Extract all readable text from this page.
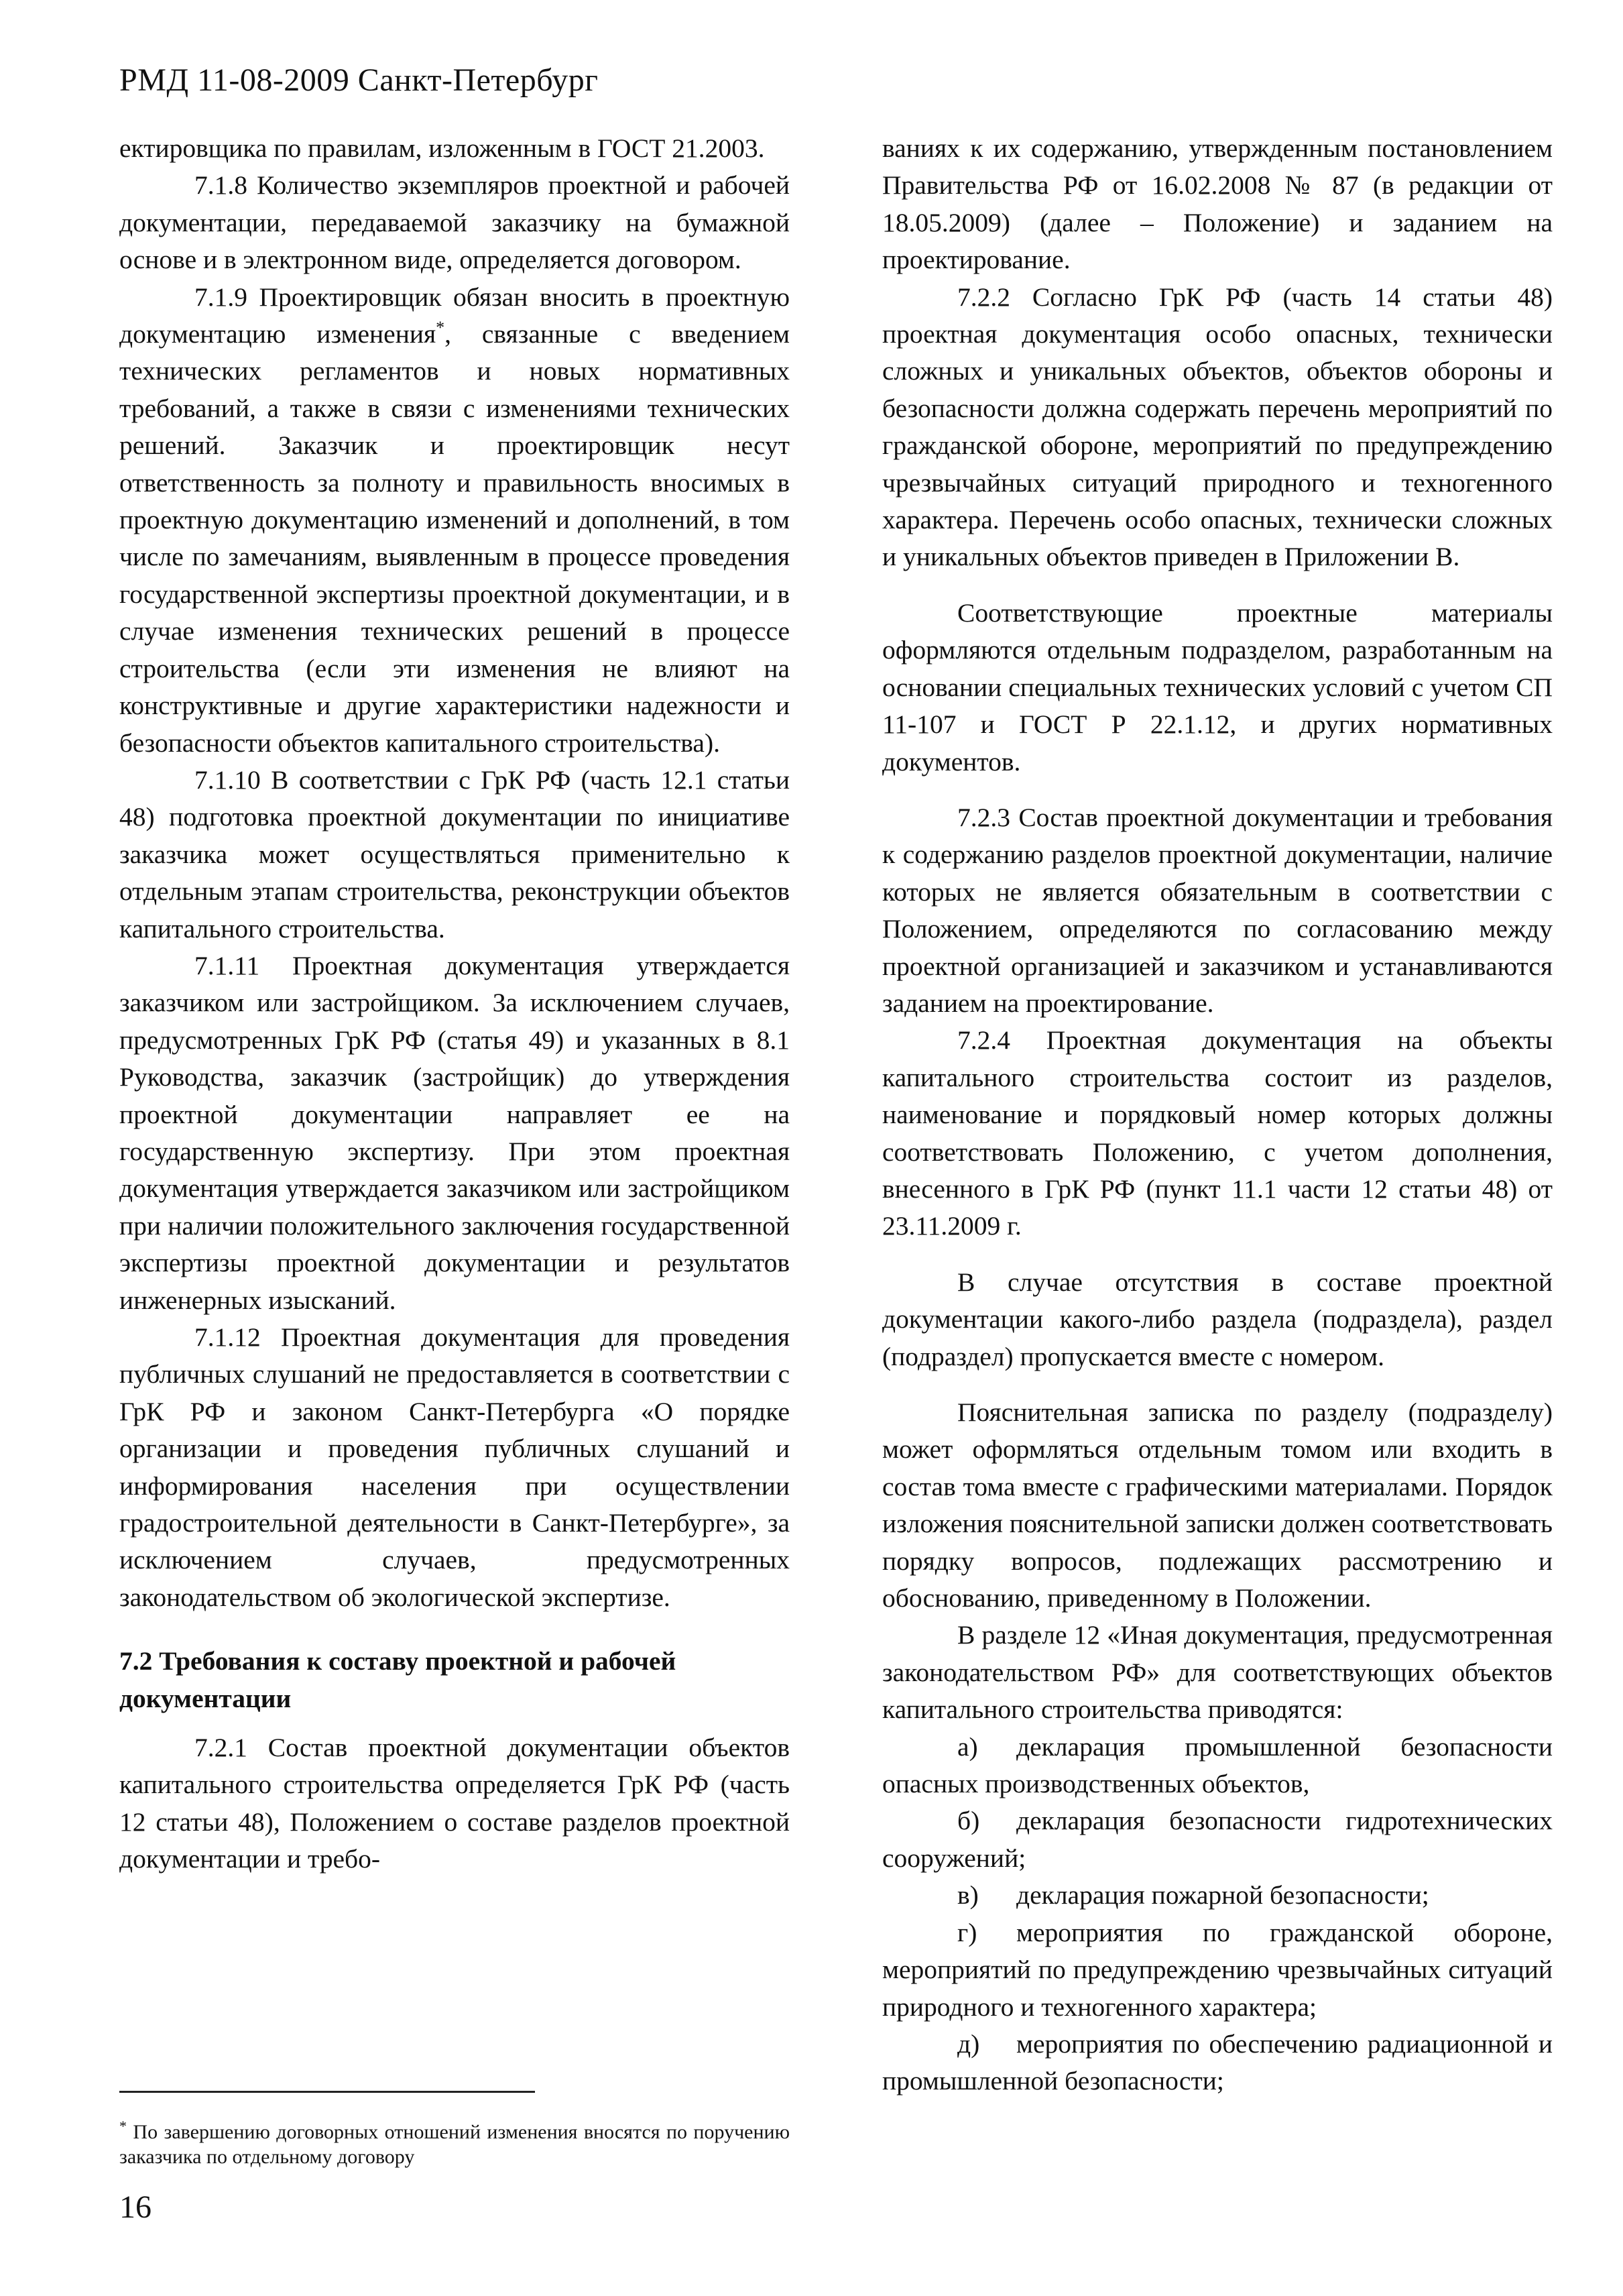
РМД 11-08-2009 Санкт-Петербург

ектировщика по правилам, изложенным в ГОСТ 21.2003.

7.1.8 Количество экземпляров проектной и рабочей документации, передаваемой заказчику на бумажной основе и в электронном виде, определяется договором.

7.1.9 Проектировщик обязан вносить в проектную документацию изменения*, связанные с введением технических регламентов и новых нормативных требований, а также в связи с изменениями технических решений. Заказчик и проектировщик несут ответственность за полноту и правильность вносимых в проектную документацию изменений и дополнений, в том числе по замечаниям, выявленным в процессе проведения государственной экспертизы проектной документации, и в случае изменения технических решений в процессе строительства (если эти изменения не влияют на конструктивные и другие характеристики надежности и безопасности объектов капитального строительства).

7.1.10 В соответствии с ГрК РФ (часть 12.1 статьи 48) подготовка проектной документации по инициативе заказчика может осуществляться применительно к отдельным этапам строительства, реконструкции объектов капитального строительства.

7.1.11 Проектная документация утверждается заказчиком или застройщиком. За исключением случаев, предусмотренных ГрК РФ (статья 49) и указанных в 8.1 Руководства, заказчик (застройщик) до утверждения проектной документации направляет ее на государственную экспертизу. При этом проектная документация утверждается заказчиком или застройщиком при наличии положительного заключения государственной экспертизы проектной документации и результатов инженерных изысканий.

7.1.12 Проектная документация для проведения публичных слушаний не предоставляется в соответствии с ГрК РФ и законом Санкт-Петербурга «О порядке организации и проведения публичных слушаний и информирования населения при осуществлении градостроительной деятельности в Санкт-Петербурге», за исключением случаев, предусмотренных законодательством об экологической экспертизе.

7.2 Требования к составу проектной и рабочей документации

7.2.1 Состав проектной документации объектов капитального строительства определяется ГрК РФ (часть 12 статьи 48), Положением о составе разделов проектной документации и требо-

ваниях к их содержанию, утвержденным постановлением Правительства РФ от 16.02.2008 № 87 (в редакции от 18.05.2009) (далее – Положение) и заданием на проектирование.

7.2.2 Согласно ГрК РФ (часть 14 статьи 48) проектная документация особо опасных, технически сложных и уникальных объектов, объектов обороны и безопасности должна содержать перечень мероприятий по гражданской обороне, мероприятий по предупреждению чрезвычайных ситуаций природного и техногенного характера. Перечень особо опасных, технически сложных и уникальных объектов приведен в Приложении В.

Соответствующие проектные материалы оформляются отдельным подразделом, разработанным на основании специальных технических условий с учетом СП 11-107 и ГОСТ Р 22.1.12, и других нормативных документов.

7.2.3 Состав проектной документации и требования к содержанию разделов проектной документации, наличие которых не является обязательным в соответствии с Положением, определяются по согласованию между проектной организацией и заказчиком и устанавливаются заданием на проектирование.

7.2.4 Проектная документация на объекты капитального строительства состоит из разделов, наименование и порядковый номер которых должны соответствовать Положению, с учетом дополнения, внесенного в ГрК РФ (пункт 11.1 части 12 статьи 48) от 23.11.2009 г.

В случае отсутствия в составе проектной документации какого-либо раздела (подраздела), раздел (подраздел) пропускается вместе с номером.

Пояснительная записка по разделу (подразделу) может оформляться отдельным томом или входить в состав тома вместе с графическими материалами. Порядок изложения пояснительной записки должен соответствовать порядку вопросов, подлежащих рассмотрению и обоснованию, приведенному в Положении.

В разделе 12 «Иная документация, предусмотренная законодательством РФ» для соответствующих объектов капитального строительства приводятся:

а) декларация промышленной безопасности опасных производственных объектов,

б) декларация безопасности гидротехнических сооружений;

в) декларация пожарной безопасности;

г) мероприятия по гражданской обороне, мероприятий по предупреждению чрезвычайных ситуаций природного и техногенного характера;

д) мероприятия по обеспечению радиационной и промышленной безопасности;

* По завершению договорных отношений изменения вносятся по поручению заказчика по отдельному договору
16
